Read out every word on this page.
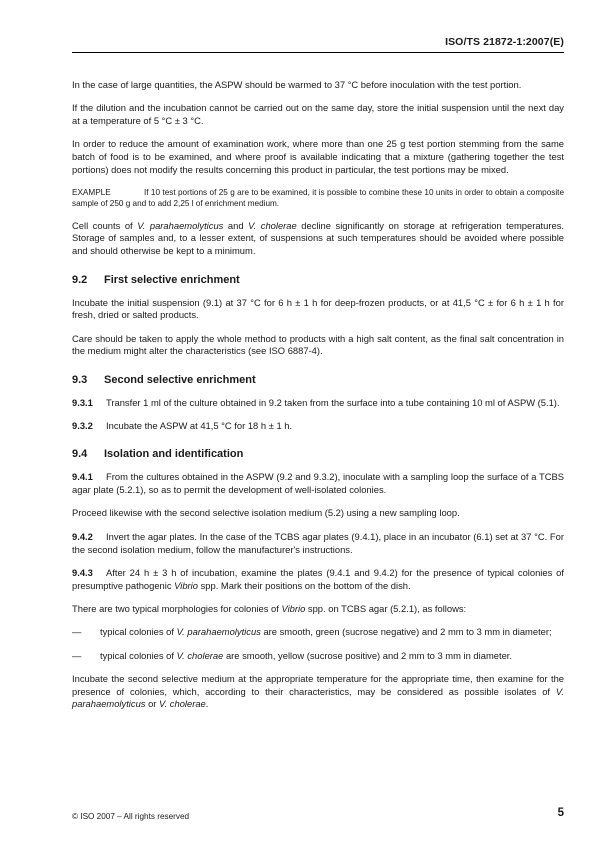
ISO/TS 21872-1:2007(E)

In the case of large quantities, the ASPW should be warmed to 37 °C before inoculation with the test portion.

If the dilution and the incubation cannot be carried out on the same day, store the initial suspension until the next day at a temperature of 5 °C ± 3 °C.

In order to reduce the amount of examination work, where more than one 25 g test portion stemming from the same batch of food is to be examined, and where proof is available indicating that a mixture (gathering together the test portions) does not modify the results concerning this product in particular, the test portions may be mixed.

EXAMPLE	If 10 test portions of 25 g are to be examined, it is possible to combine these 10 units in order to obtain a composite sample of 250 g and to add 2,25 l of enrichment medium.

Cell counts of V. parahaemolyticus and V. cholerae decline significantly on storage at refrigeration temperatures. Storage of samples and, to a lesser extent, of suspensions at such temperatures should be avoided where possible and should otherwise be kept to a minimum.

9.2 First selective enrichment

Incubate the initial suspension (9.1) at 37 °C for 6 h ± 1 h for deep-frozen products, or at 41,5 °C ± for 6 h ± 1 h for fresh, dried or salted products.

Care should be taken to apply the whole method to products with a high salt content, as the final salt concentration in the medium might alter the characteristics (see ISO 6887-4).

9.3 Second selective enrichment

9.3.1 Transfer 1 ml of the culture obtained in 9.2 taken from the surface into a tube containing 10 ml of ASPW (5.1).

9.3.2 Incubate the ASPW at 41,5 °C for 18 h ± 1 h.

9.4 Isolation and identification

9.4.1 From the cultures obtained in the ASPW (9.2 and 9.3.2), inoculate with a sampling loop the surface of a TCBS agar plate (5.2.1), so as to permit the development of well-isolated colonies.

Proceed likewise with the second selective isolation medium (5.2) using a new sampling loop.

9.4.2 Invert the agar plates. In the case of the TCBS agar plates (9.4.1), place in an incubator (6.1) set at 37 °C. For the second isolation medium, follow the manufacturer's instructions.

9.4.3 After 24 h ± 3 h of incubation, examine the plates (9.4.1 and 9.4.2) for the presence of typical colonies of presumptive pathogenic Vibrio spp. Mark their positions on the bottom of the dish.

There are two typical morphologies for colonies of Vibrio spp. on TCBS agar (5.2.1), as follows:

—	typical colonies of V. parahaemolyticus are smooth, green (sucrose negative) and 2 mm to 3 mm in diameter;
—	typical colonies of V. cholerae are smooth, yellow (sucrose positive) and 2 mm to 3 mm in diameter.

Incubate the second selective medium at the appropriate temperature for the appropriate time, then examine for the presence of colonies, which, according to their characteristics, may be considered as possible isolates of V. parahaemolyticus or V. cholerae.

© ISO 2007 – All rights reserved	5
